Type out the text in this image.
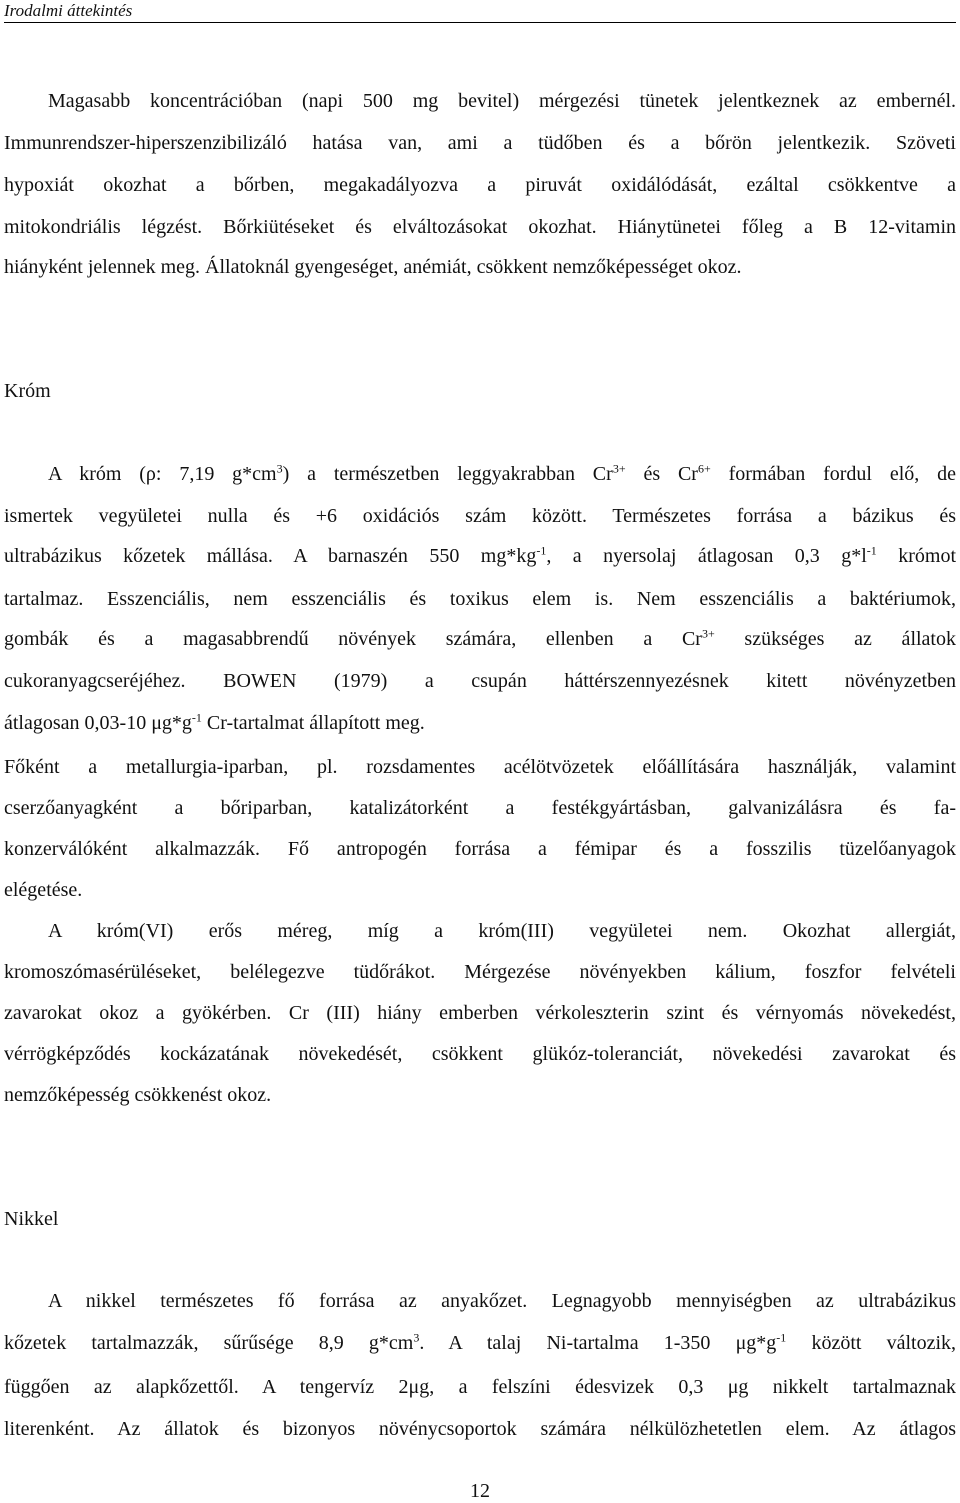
Irodalmi áttekintés
Magasabb koncentrációban (napi 500 mg bevitel) mérgezési tünetek jelentkeznek az embernél.
Immunrendszer-hiperszenzibilizáló hatása van, ami a tüdőben és a bőrön jelentkezik. Szöveti
hypoxiát okozhat a bőrben, megakadályozva a piruvát oxidálódását, ezáltal csökkentve a
mitokondriális légzést. Bőrkiütéseket és elváltozásokat okozhat. Hiánytünetei főleg a B 12-vitamin
hiányként jelennek meg. Állatoknál gyengeséget, anémiát, csökkent nemzőképességet okoz.
Króm
A króm (ρ: 7,19 $g*cm^3$) a természetben leggyakrabban $Cr^{3+}$ és $Cr^{6+}$ formában fordul elő, de
ismertek vegyületei nulla és +6 oxidációs szám között. Természetes forrása a bázikus és
ultrabázikus kőzetek mállása. A barnaszén 550 $mg*kg^{-1}$, a nyersolaj átlagosan 0,3 $g*l^{-1}$ krómot
tartalmaz. Esszenciális, nem esszenciális és toxikus elem is. Nem esszenciális a baktériumok,
gombák és a magasabbrendű növények számára, ellenben a $Cr^{3+}$ szükséges az állatok
cukoranyagcseréjéhez. BOWEN (1979) a csupán háttérszennyezésnek kitett növényzetben
átlagosan 0,03-10 $\mu g*g^{-1}$ Cr-tartalmat állapított meg.
Főként a metallurgia-iparban, pl. rozsdamentes acélötvözetek előállítására használják, valamint
cserzőanyagként a bőriparban, katalizátorként a festékgyártásban, galvanizálásra és fa-
konzerválóként alkalmazzák. Fő antropogén forrása a fémipar és a fosszilis tüzelőanyagok
elégetése.
A króm(VI) erős méreg, míg a króm(III) vegyületei nem. Okozhat allergiát,
kromoszómasérüléseket, belélegezve tüdőrákot. Mérgezése növényekben kálium, foszfor felvételi
zavarokat okoz a gyökérben. Cr (III) hiány emberben vérkoleszterin szint és vérnyomás növekedést,
vérrögképződés kockázatának növekedését, csökkent glükóz-toleranciát, növekedési zavarokat és
nemzőképesség csökkenést okoz.
Nikkel
A nikkel természetes fő forrása az anyakőzet. Legnagyobb mennyiségben az ultrabázikus
kőzetek tartalmazzák, sűrűsége 8,9 $g*cm^3$. A talaj Ni-tartalma 1-350 $\mu g*g^{-1}$ között változik,
függően az alapkőzettől. A tengervíz 2μg, a felszíni édesvizek 0,3 μg nikkelt tartalmaznak
literenként. Az állatok és bizonyos növénycsoportok számára nélkülözhetetlen elem. Az átlagos
12
